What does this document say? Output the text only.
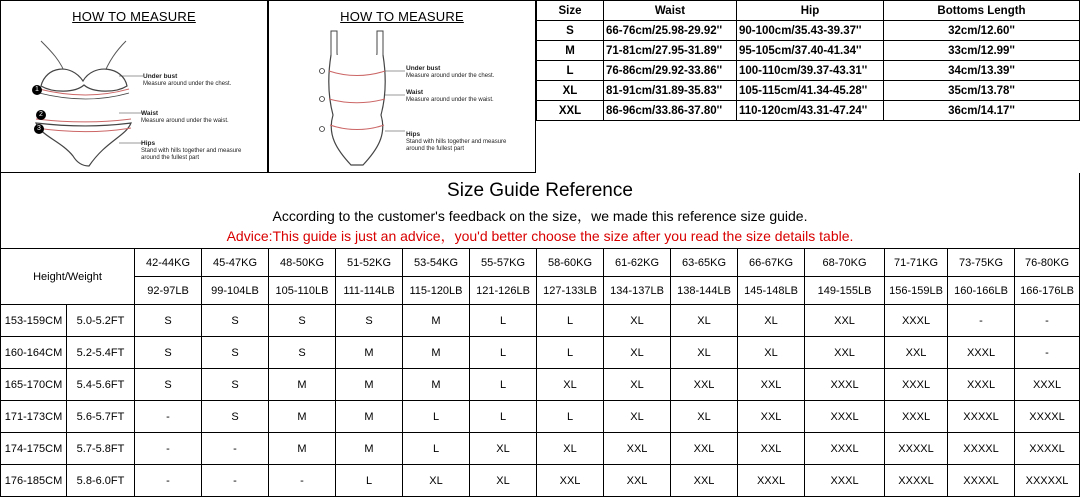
HOW TO MEASURE
1
2
3
Under bust
Measure around under the chest.
Waist
Measure around under the waist.
Hips
Stand with hills together and measure
around the fullest part
HOW TO MEASURE
Under bust
Measure around under the chest.
Waist
Measure around under the waist.
Hips
Stand with hills together and measure
around the fullest part
Size	Waist	Hip	Bottoms Length
S	66-76cm/25.98-29.92''	90-100cm/35.43-39.37''	32cm/12.60''
M	71-81cm/27.95-31.89''	95-105cm/37.40-41.34''	33cm/12.99''
L	76-86cm/29.92-33.86''	100-110cm/39.37-43.31''	34cm/13.39''
XL	81-91cm/31.89-35.83''	105-115cm/41.34-45.28''	35cm/13.78''
XXL	86-96cm/33.86-37.80''	110-120cm/43.31-47.24''	36cm/14.17''
Size Guide Reference
According to the customer's feedback on the size，we made this reference size guide.
Advice:This guide is just an advice，you'd better choose the size after you read the size details table.
Height/Weight		42-44KG	45-47KG	48-50KG	51-52KG	53-54KG	55-57KG	58-60KG	61-62KG	63-65KG	66-67KG	68-70KG	71-71KG	73-75KG	76-80KG
		92-97LB	99-104LB	105-110LB	111-114LB	115-120LB	121-126LB	127-133LB	134-137LB	138-144LB	145-148LB	149-155LB	156-159LB	160-166LB	166-176LB
153-159CM	5.0-5.2FT	S	S	S	S	M	L	L	XL	XL	XL	XXL	XXXL	-	-
160-164CM	5.2-5.4FT	S	S	S	M	M	L	L	XL	XL	XL	XXL	XXL	XXXL	-
165-170CM	5.4-5.6FT	S	S	M	M	M	L	XL	XL	XXL	XXL	XXXL	XXXL	XXXL	XXXL
171-173CM	5.6-5.7FT	-	S	M	M	L	L	L	XL	XL	XXL	XXXL	XXXL	XXXXL	XXXXL
174-175CM	5.7-5.8FT	-	-	M	M	L	XL	XL	XXL	XXL	XXL	XXXL	XXXXL	XXXXL	XXXXL
176-185CM	5.8-6.0FT	-	-	-	L	XL	XL	XXL	XXL	XXL	XXXL	XXXL	XXXXL	XXXXL	XXXXXL
